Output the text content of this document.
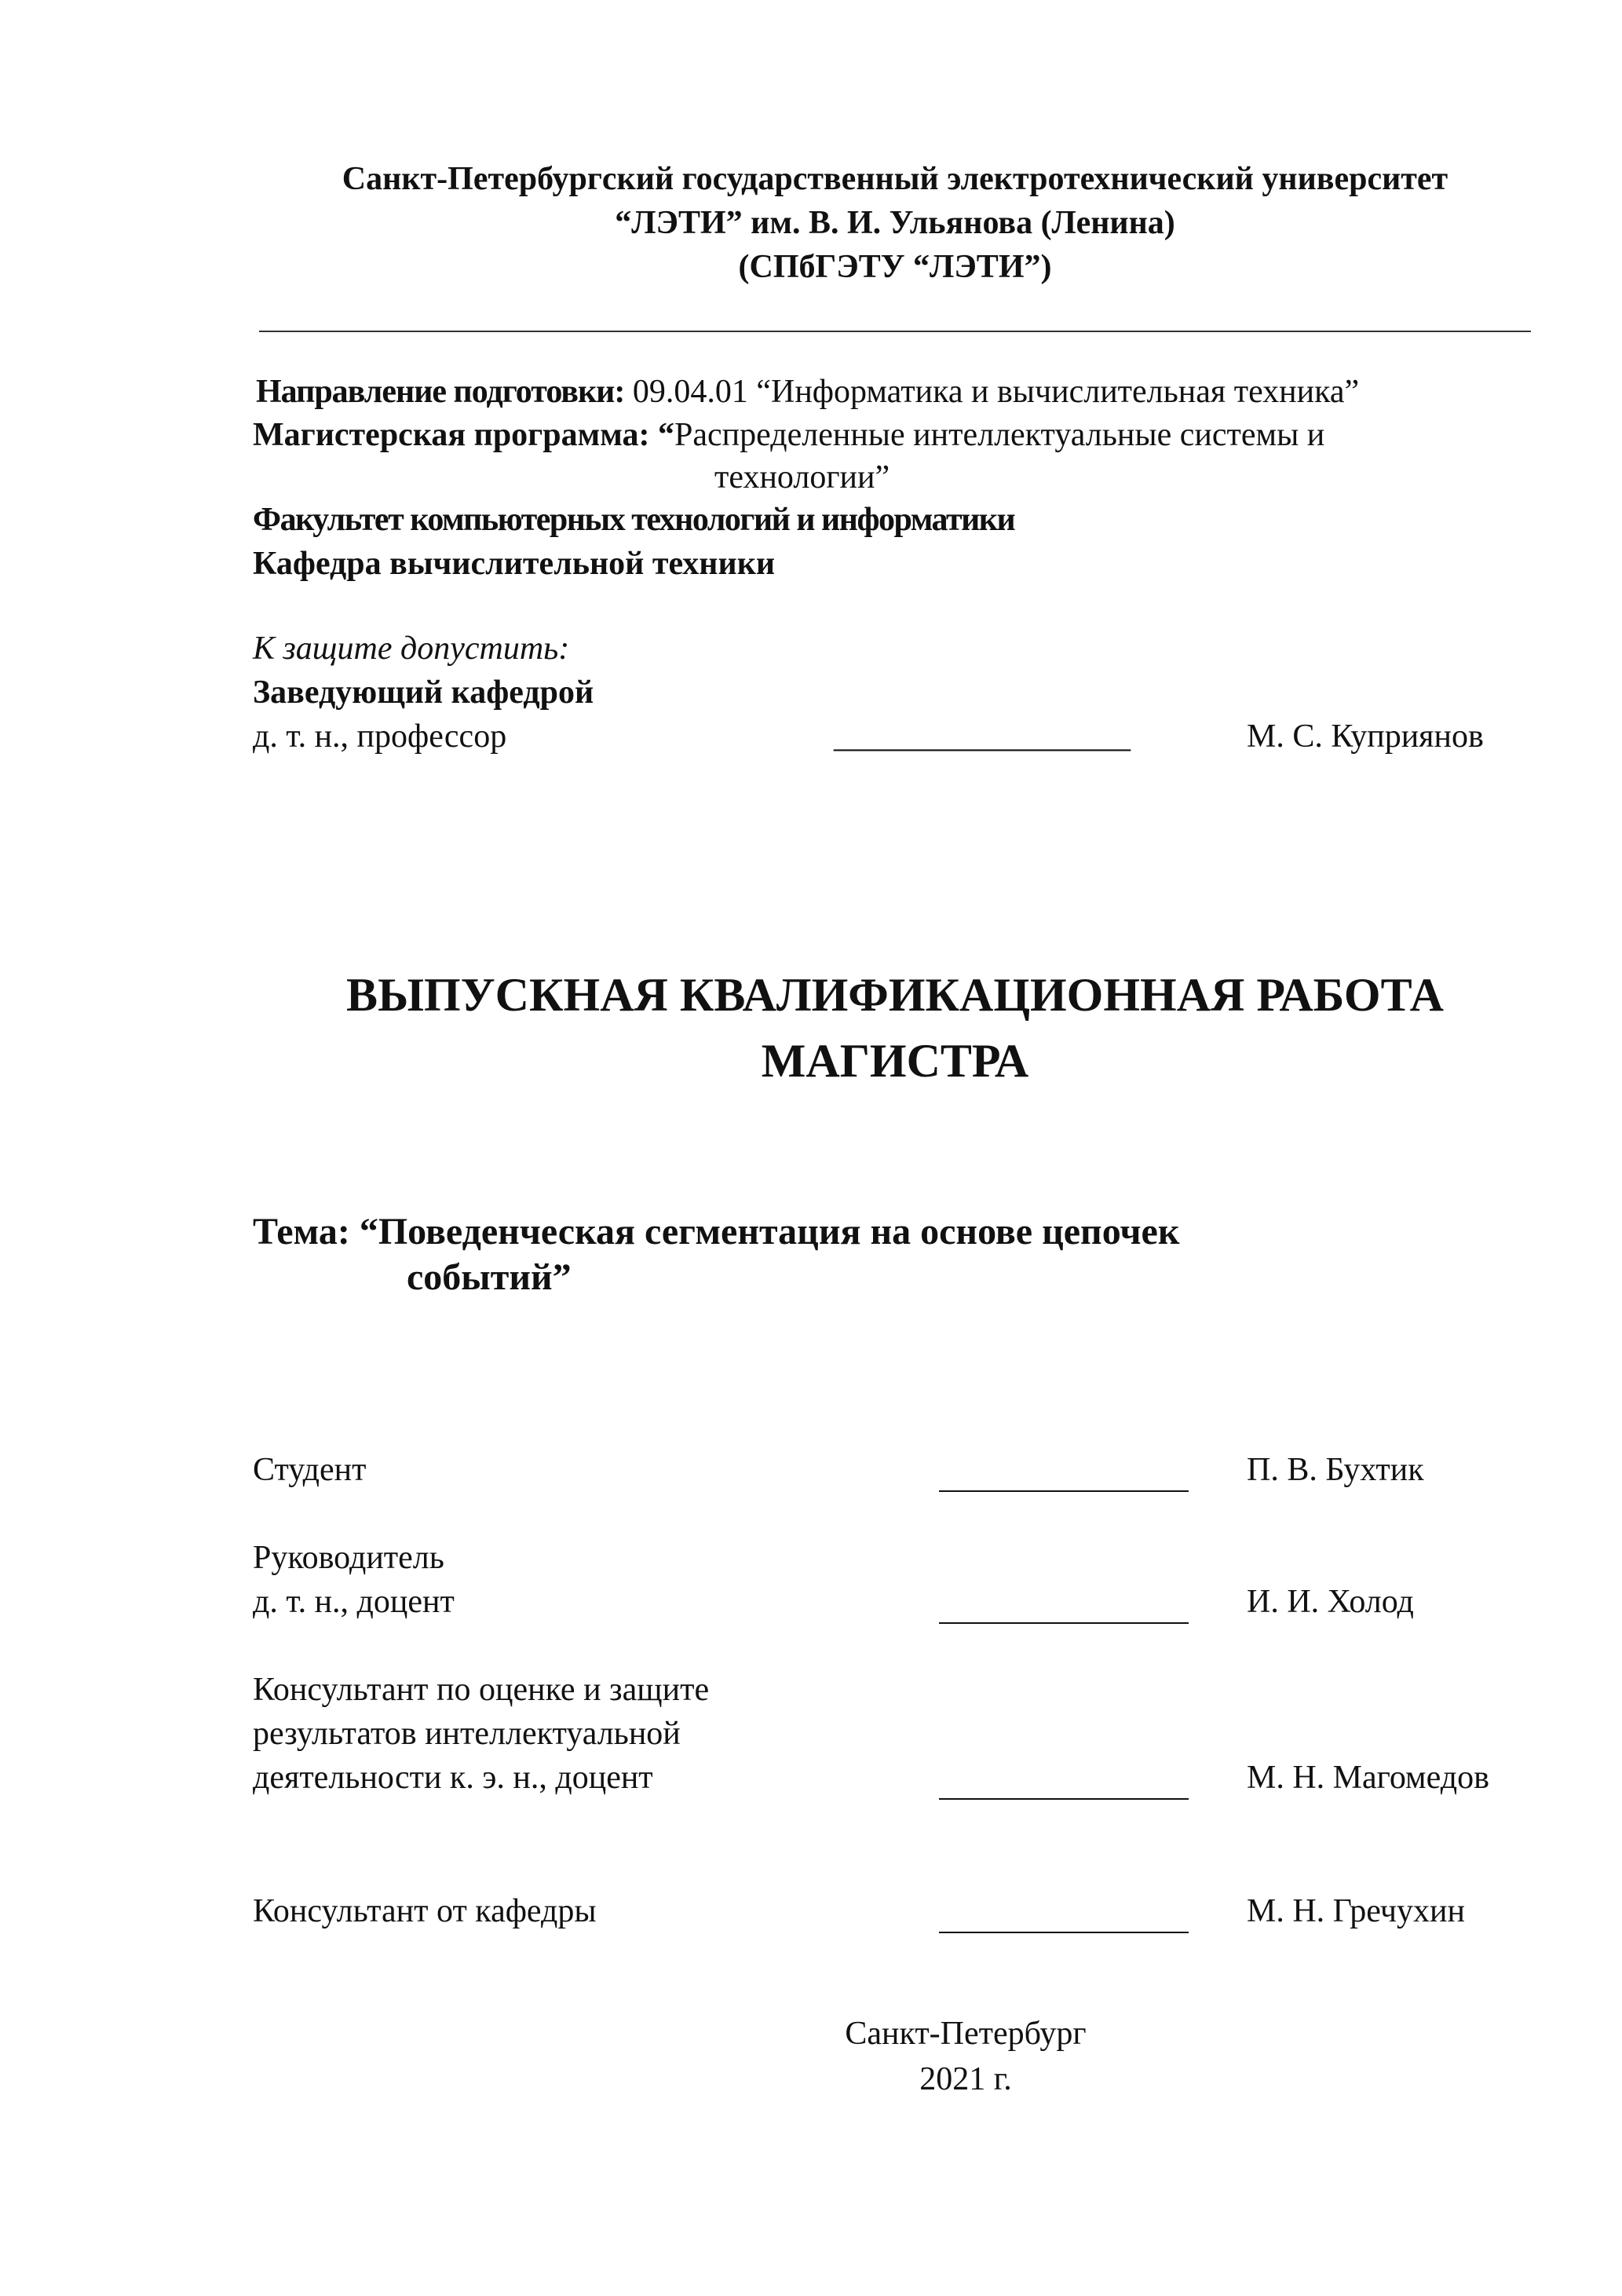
Санкт-Петербургский государственный электротехнический университет
“ЛЭТИ” им. В. И. Ульянова (Ленина)
(СПбГЭТУ “ЛЭТИ”)
Направление подготовки: 09.04.01 “Информатика и вычислительная техника”
Магистерская программа: “Распределенные интеллектуальные системы и
технологии”
Факультет компьютерных технологий и информатики
Кафедра вычислительной техники
К защите допустить:
Заведующий кафедрой
д. т. н., профессор	__________________	М. С. Куприянов
ВЫПУСКНАЯ КВАЛИФИКАЦИОННАЯ РАБОТА
МАГИСТРА
Тема: “Поведенческая сегментация на основе цепочек
событий”
Студент	П. В. Бухтик
Руководитель
д. т. н., доцент	И. И. Холод
Консультант по оценке и защите
результатов интеллектуальной
деятельности к. э. н., доцент	М. Н. Магомедов
Консультант от кафедры	М. Н. Гречухин
Санкт-Петербург
2021 г.
